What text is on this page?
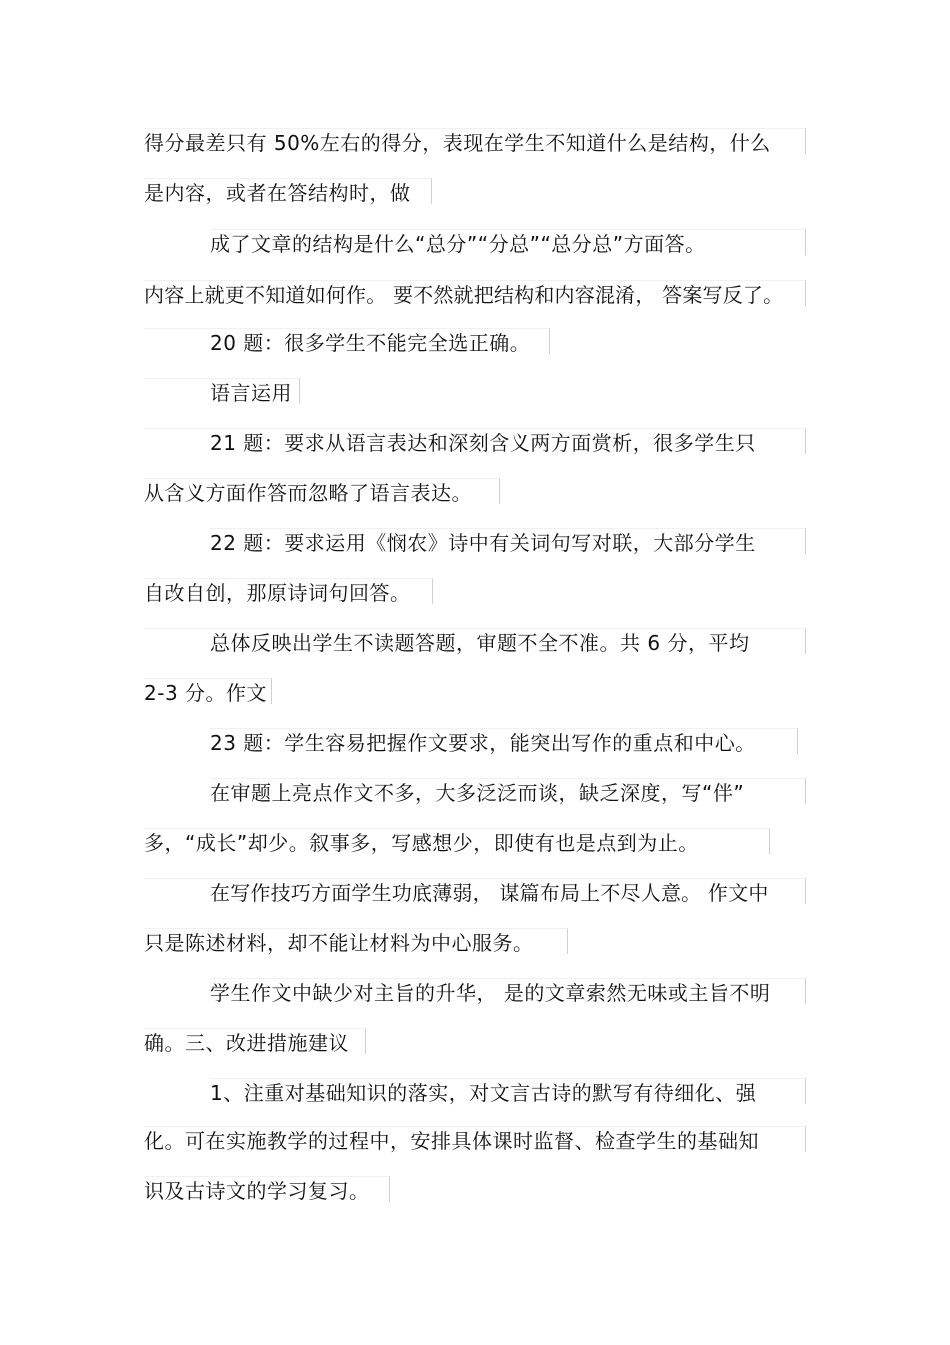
得分最差只有 50%左右的得分，表现在学生不知道什么是结构，什么
是内容，或者在答结构时，做
成了文章的结构是什么“总分”“分总”“总分总”方面答。
内容上就更不知道如何作。 要不然就把结构和内容混淆， 答案写反了。
20 题：很多学生不能完全选正确。
语言运用
21 题：要求从语言表达和深刻含义两方面赏析，很多学生只
从含义方面作答而忽略了语言表达。
22 题：要求运用《悯农》诗中有关词句写对联，大部分学生
自改自创，那原诗词句回答。
总体反映出学生不读题答题，审题不全不准。共 6 分，平均
2-3 分。作文
23 题：学生容易把握作文要求，能突出写作的重点和中心。
在审题上亮点作文不多，大多泛泛而谈，缺乏深度，写“伴”
多，“成长”却少。叙事多，写感想少，即使有也是点到为止。
在写作技巧方面学生功底薄弱， 谋篇布局上不尽人意。 作文中
只是陈述材料，却不能让材料为中心服务。
学生作文中缺少对主旨的升华， 是的文章索然无味或主旨不明
确。三、改进措施建议
1、注重对基础知识的落实，对文言古诗的默写有待细化、强
化。可在实施教学的过程中，安排具体课时监督、检查学生的基础知
识及古诗文的学习复习。
